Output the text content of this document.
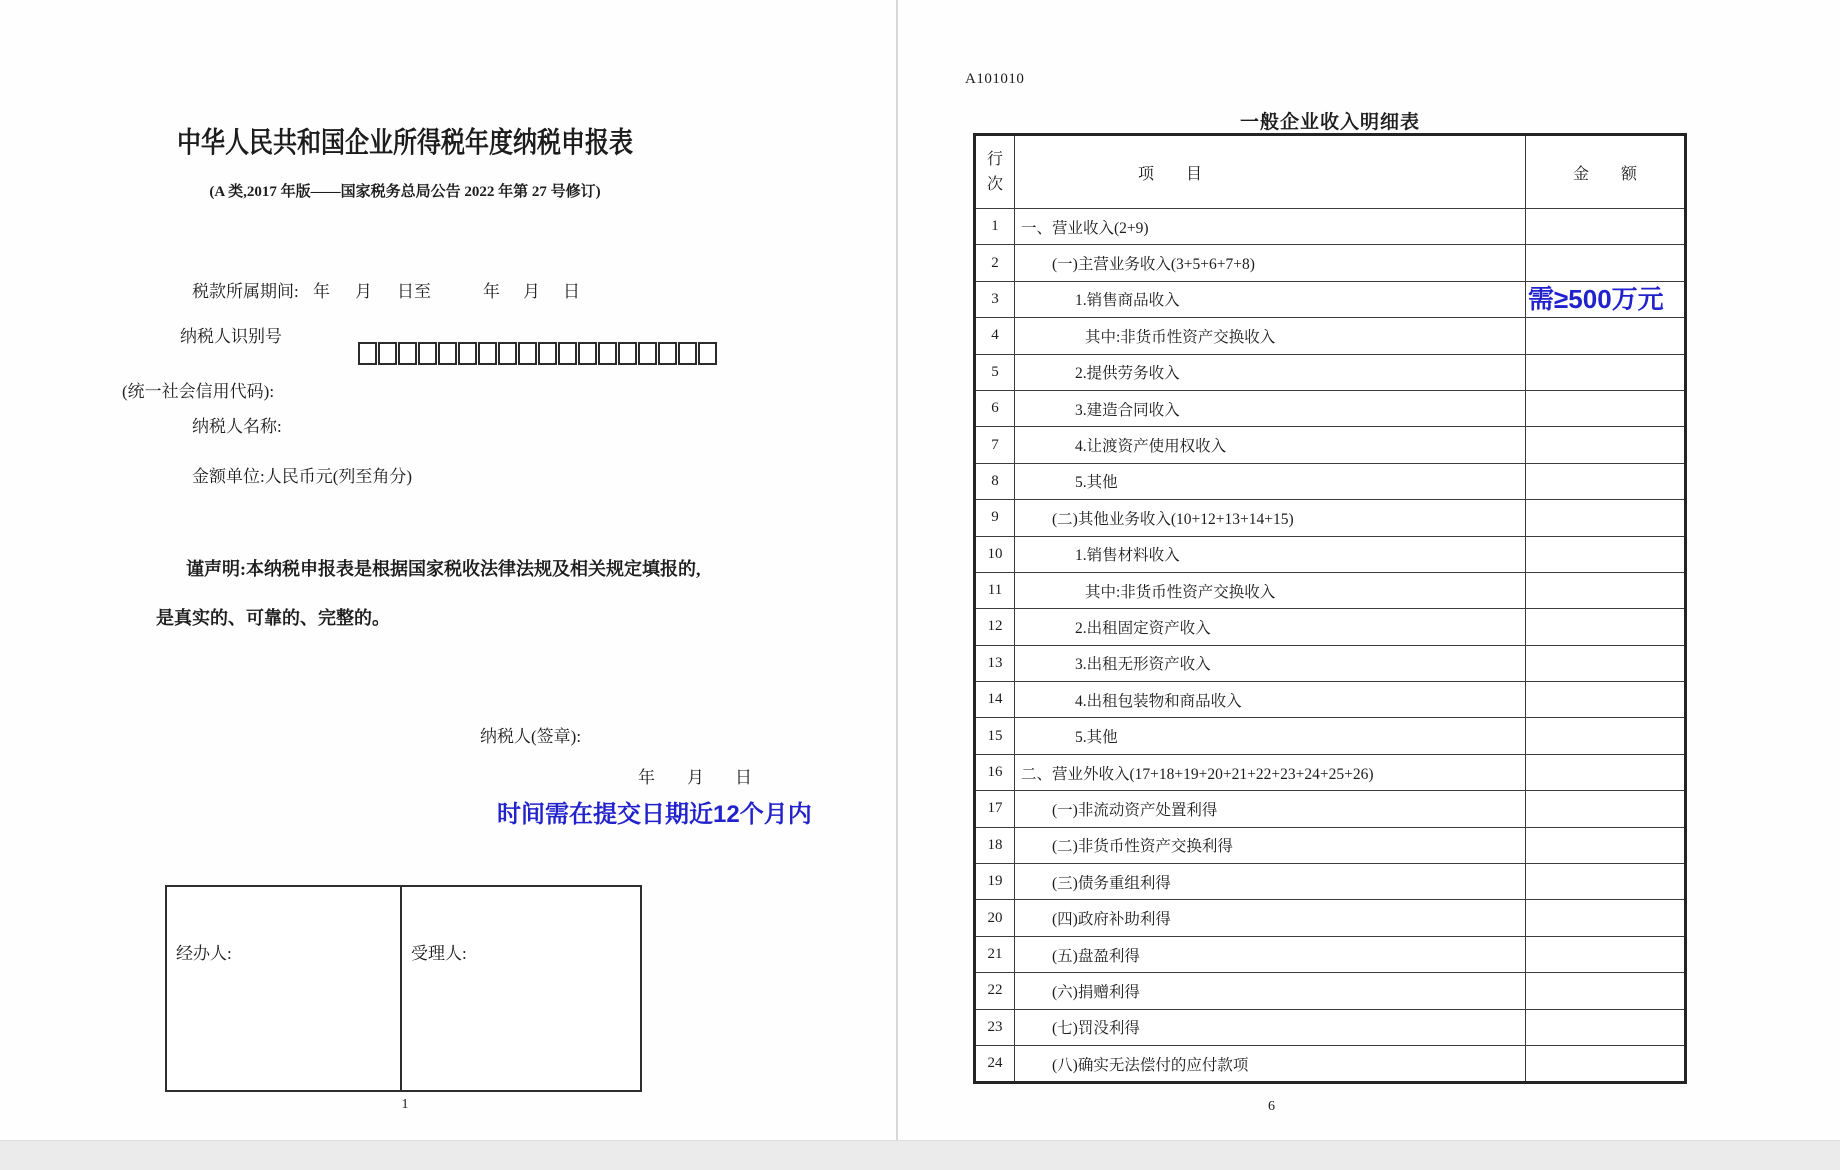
中华人民共和国企业所得税年度纳税申报表
(A 类,2017 年版——国家税务总局公告 2022 年第 27 号修订)
税款所属期间: 年 月 日至	年 月 日
纳税人识别号
(统一社会信用代码):
纳税人名称:
金额单位:人民币元(列至角分)
谨声明:本纳税申报表是根据国家税收法律法规及相关规定填报的,
是真实的、可靠的、完整的。
纳税人(签章):
年 月 日
时间需在提交日期近12个月内
经办人:	受理人:
1
A101010
一般企业收入明细表
行
次
项　　目	金　　额
1	一、营业收入(2+9)
2	(一)主营业务收入(3+5+6+7+8)
3	1.销售商品收入	需≥500万元
4	其中:非货币性资产交换收入
5	2.提供劳务收入
6	3.建造合同收入
7	4.让渡资产使用权收入
8	5.其他
9	(二)其他业务收入(10+12+13+14+15)
10	1.销售材料收入
11	其中:非货币性资产交换收入
12	2.出租固定资产收入
13	3.出租无形资产收入
14	4.出租包装物和商品收入
15	5.其他
16	二、营业外收入(17+18+19+20+21+22+23+24+25+26)
17	(一)非流动资产处置利得
18	(二)非货币性资产交换利得
19	(三)债务重组利得
20	(四)政府补助利得
21	(五)盘盈利得
22	(六)捐赠利得
23	(七)罚没利得
24	(八)确实无法偿付的应付款项
6
